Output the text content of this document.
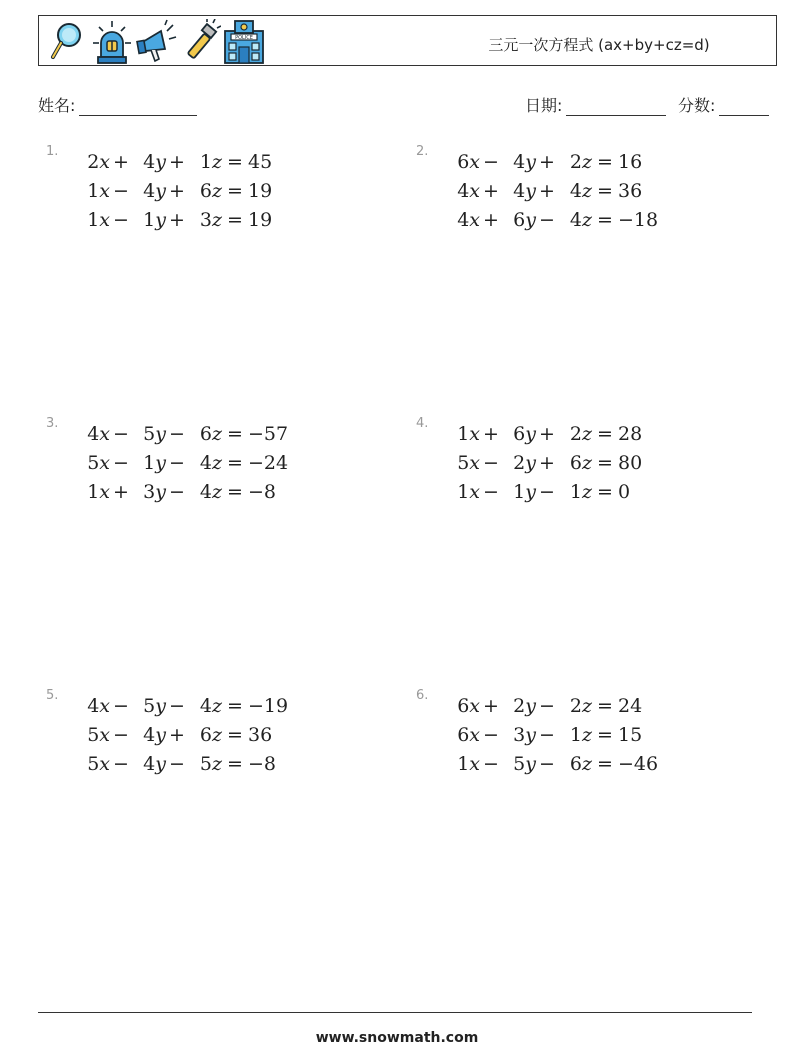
POLICE	三元一次方程式 (ax+by+cz=d)
姓名:	日期:	分数:
1.	2x + 4y + 1z = 45
1x − 4y + 6z = 19
1x − 1y + 3z = 19
2.	6x − 4y + 2z = 16
4x + 4y + 4z = 36
4x + 6y − 4z = −18
3.	4x − 5y − 6z = −57
5x − 1y − 4z = −24
1x + 3y − 4z = −8
4.	1x + 6y + 2z = 28
5x − 2y + 6z = 80
1x − 1y − 1z = 0
5.	4x − 5y − 4z = −19
5x − 4y + 6z = 36
5x − 4y − 5z = −8
6.	6x + 2y − 2z = 24
6x − 3y − 1z = 15
1x − 5y − 6z = −46
www.snowmath.com
